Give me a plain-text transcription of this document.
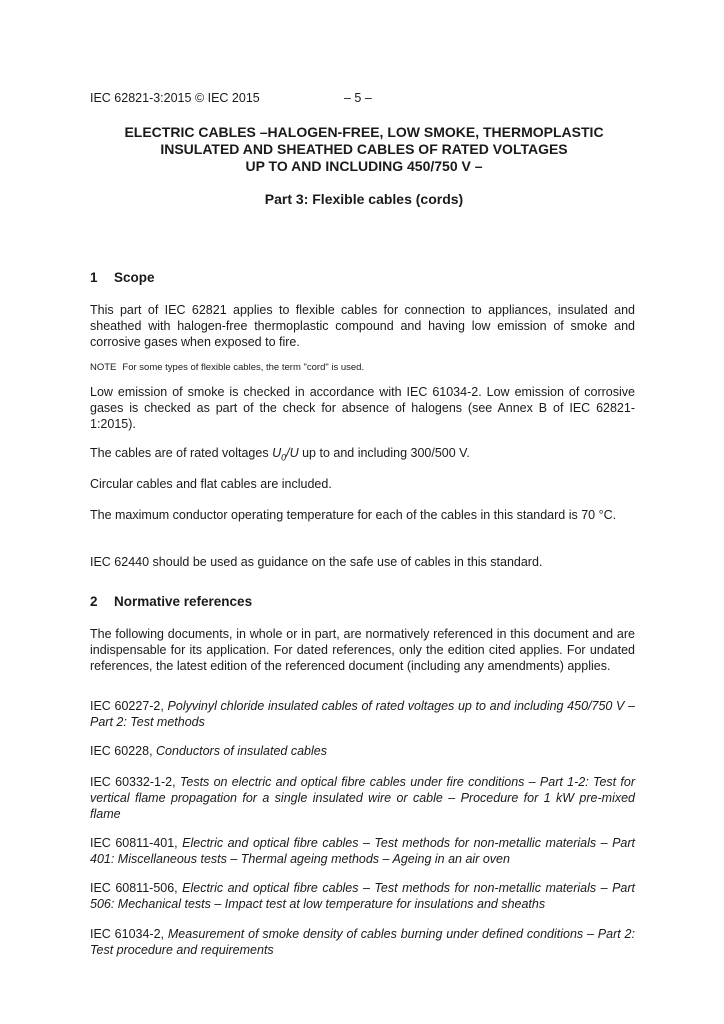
IEC 62821-3:2015 © IEC 2015	– 5 –
ELECTRIC CABLES –HALOGEN-FREE, LOW SMOKE, THERMOPLASTIC
INSULATED AND SHEATHED CABLES OF RATED VOLTAGES
UP TO AND INCLUDING 450/750 V –
Part 3: Flexible cables (cords)
1 Scope
This part of IEC 62821 applies to flexible cables for connection to appliances, insulated and sheathed with halogen-free thermoplastic compound and having low emission of smoke and corrosive gases when exposed to fire.
NOTE For some types of flexible cables, the term "cord" is used.
Low emission of smoke is checked in accordance with IEC 61034-2. Low emission of corrosive gases is checked as part of the check for absence of halogens (see Annex B of IEC 62821-1:2015).
The cables are of rated voltages $U_0/U$ up to and including 300/500 V.
Circular cables and flat cables are included.
The maximum conductor operating temperature for each of the cables in this standard is 70 °C.
IEC 62440 should be used as guidance on the safe use of cables in this standard.
2 Normative references
The following documents, in whole or in part, are normatively referenced in this document and are indispensable for its application. For dated references, only the edition cited applies. For undated references, the latest edition of the referenced document (including any amendments) applies.
IEC 60227-2, Polyvinyl chloride insulated cables of rated voltages up to and including 450/750 V – Part 2: Test methods
IEC 60228, Conductors of insulated cables
IEC 60332-1-2, Tests on electric and optical fibre cables under fire conditions – Part 1-2: Test for vertical flame propagation for a single insulated wire or cable – Procedure for 1 kW pre-mixed flame
IEC 60811-401, Electric and optical fibre cables – Test methods for non-metallic materials – Part 401: Miscellaneous tests – Thermal ageing methods – Ageing in an air oven
IEC 60811-506, Electric and optical fibre cables – Test methods for non-metallic materials – Part 506: Mechanical tests – Impact test at low temperature for insulations and sheaths
IEC 61034-2, Measurement of smoke density of cables burning under defined conditions – Part 2: Test procedure and requirements
